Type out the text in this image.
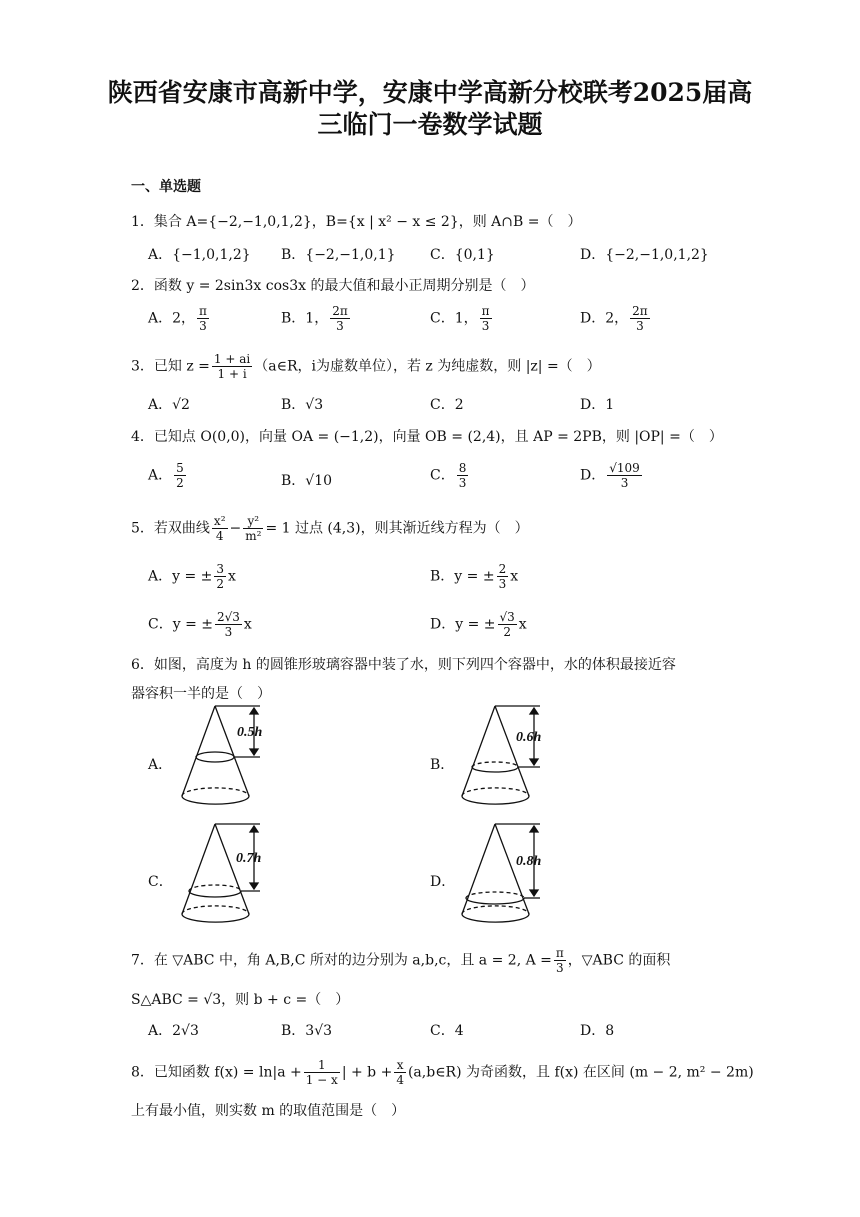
陕西省安康市高新中学，安康中学高新分校联考2025届高
三临门一卷数学试题
一、单选题
1．集合 A={−2,−1,0,1,2}，B={x | x² − x ≤ 2}，则 A∩B =（　）
A．{−1,0,1,2} B．{−2,−1,0,1} C．{0,1}	D．{−2,−1,0,1,2}
2．函数 y = 2sin3x cos3x 的最大值和最小正周期分别是（　）
A．2， $\frac{\pi}{3}$	B．1， $\frac{2\pi}{3}$	C．1， $\frac{\pi}{3}$	D．2， $\frac{2\pi}{3}$
3．已知 $z = \frac{1 + ai}{1 + i}$ （a∈R，i为虚数单位），若 z 为纯虚数，则 |z| =（　）
A．√2	B．√3	C．2	D．1
4．已知点 O(0,0)，向量 OA = (−1,2)，向量 OB = (2,4)，且 AP = 2PB，则 |OP| =（　）
A． $\frac{5}{2}$	B．√10	C． $\frac{8}{3}$	D． $\frac{√109}{3}$
5．若双曲线 $\frac{\text{x²}}{4} - \frac{\text{y²}}{\text{m²}} = 1$ 过点 (4,3)，则其渐近线方程为（　）
A．y = ± $\frac{3}{2}$ x	B．y = ± $\frac{2}{3}$ x
C．y = ± $\frac{2√3}{3}$ x	D．y = ± $\frac{√3}{2}$ x
6．如图，高度为 h 的圆锥形玻璃容器中装了水，则下列四个容器中，水的体积最接近容
器容积一半的是（　）
A．	B．
C．	D．
0.5h	0.6h
0.7h	0.8h
7．在 ▽ABC 中，角 A,B,C 所对的边分别为 a,b,c，且 a = 2, $A = \frac{\pi}{3}$ ，▽ABC 的面积
S△ABC = √3，则 b + c =（　）
A．2√3	B．3√3	C．4	D．8
8．已知函数 $f(x) = \ln|a + \frac{1}{1 - x}$ | + $b + \frac{x}{4}$ (a,b∈R) 为奇函数，且 f(x) 在区间 (m − 2, m² − 2m)
上有最小值，则实数 m 的取值范围是（　）
